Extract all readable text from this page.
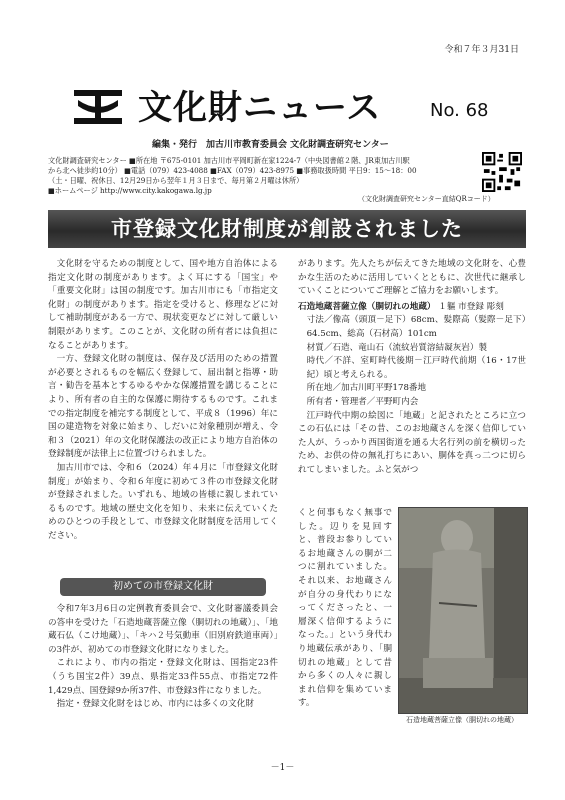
令和７年３月31日
文化財ニュース	No. 68
編集・発行　加古川市教育委員会 文化財調査研究センター
文化財調査研究センター ■所在地 〒675-0101 加古川市平岡町新在家1224-7（中央図書館２階、JR東加古川駅
から北へ徒歩約10分） ■電話（079）423-4088 ■FAX（079）423-8975 ■事務取扱時間 平日9：15～18：00
（土・日曜、祝休日、12月29日から翌年１月３日まで、毎月第２月曜は休所）
■ホームページ http://www.city.kakogawa.lg.jp
（文化財調査研究センター直結QRコード）
市登録文化財制度が創設されました

文化財を守るための制度として、国や地方自治体による指定文化財の制度があります。よく耳にする「国宝」や「重要文化財」は国の制度です。加古川市にも「市指定文化財」の制度があります。指定を受けると、修理などに対して補助制度がある一方で、現状変更などに対して厳しい制限があります。このことが、文化財の所有者には負担になることがあります。

一方、登録文化財の制度は、保存及び活用のための措置が必要とされるものを幅広く登録して、届出制と指導・助言・勧告を基本とするゆるやかな保護措置を講じることにより、所有者の自主的な保護に期待するものです。これまでの指定制度を補完する制度として、平成８（1996）年に国の建造物を対象に始まり、しだいに対象種別が増え、令和３（2021）年の文化財保護法の改正により地方自治体の登録制度が法律上に位置づけられました。

加古川市では、令和６（2024）年４月に「市登録文化財制度」が始まり、令和６年度に初めて３件の市登録文化財が登録されました。いずれも、地域の皆様に親しまれているものです。地域の歴史文化を知り、未来に伝えていくためのひとつの手段として、市登録文化財制度を活用してください。

初めての市登録文化財

令和7年3月6日の定例教育委員会で、文化財審議委員会の答申を受けた「石造地蔵菩薩立像（胴切れの地蔵）」、「地蔵石仏（こけ地蔵）」、「キハ２号気動車（旧別府鉄道車両）」の3件が、初めての市登録文化財になりました。

これにより、市内の指定・登録文化財は、国指定23件（うち国宝2件）39点、県指定33件55点、市指定72件1,429点、国登録9か所37件、市登録3件になりました。

指定・登録文化財をはじめ、市内には多くの文化財

があります。先人たちが伝えてきた地域の文化財を、心豊かな生活のために活用していくとともに、次世代に継承していくことについてご理解とご協力をお願いします。

石造地蔵菩薩立像（胴切れの地蔵） １軀 市登録 彫刻
寸法／像高（頭頂－足下）68cm、髪際高（髪際－足下）64.5cm、総高（石材高）101cm
材質／石造、竜山石（流紋岩質溶結凝灰岩）製
時代／不詳、室町時代後期－江戸時代前期（16・17世紀）頃と考えられる。
所在地／加古川町平野178番地
所有者・管理者／平野町内会

江戸時代中期の絵図に「地蔵」と記されたところに立つこの石仏には「その昔、このお地蔵さんを深く信仰していた人が、うっかり西国街道を通る大名行列の前を横切ったため、お供の侍の無礼打ちにあい、胴体を真っ二つに切られてしまいました。ふと気がつ

くと何事もなく無事でした。辺りを見回すと、普段お参りしているお地蔵さんの胴が二つに割れていました。それ以来、お地蔵さんが自分の身代わりになってくださったと、一層深く信仰するようになった。」という身代わり地蔵伝承があり、「胴切れの地蔵」として昔から多くの人々に親しまれ信仰を集めています。

石造地蔵菩薩立像（胴切れの地蔵）
－1－
